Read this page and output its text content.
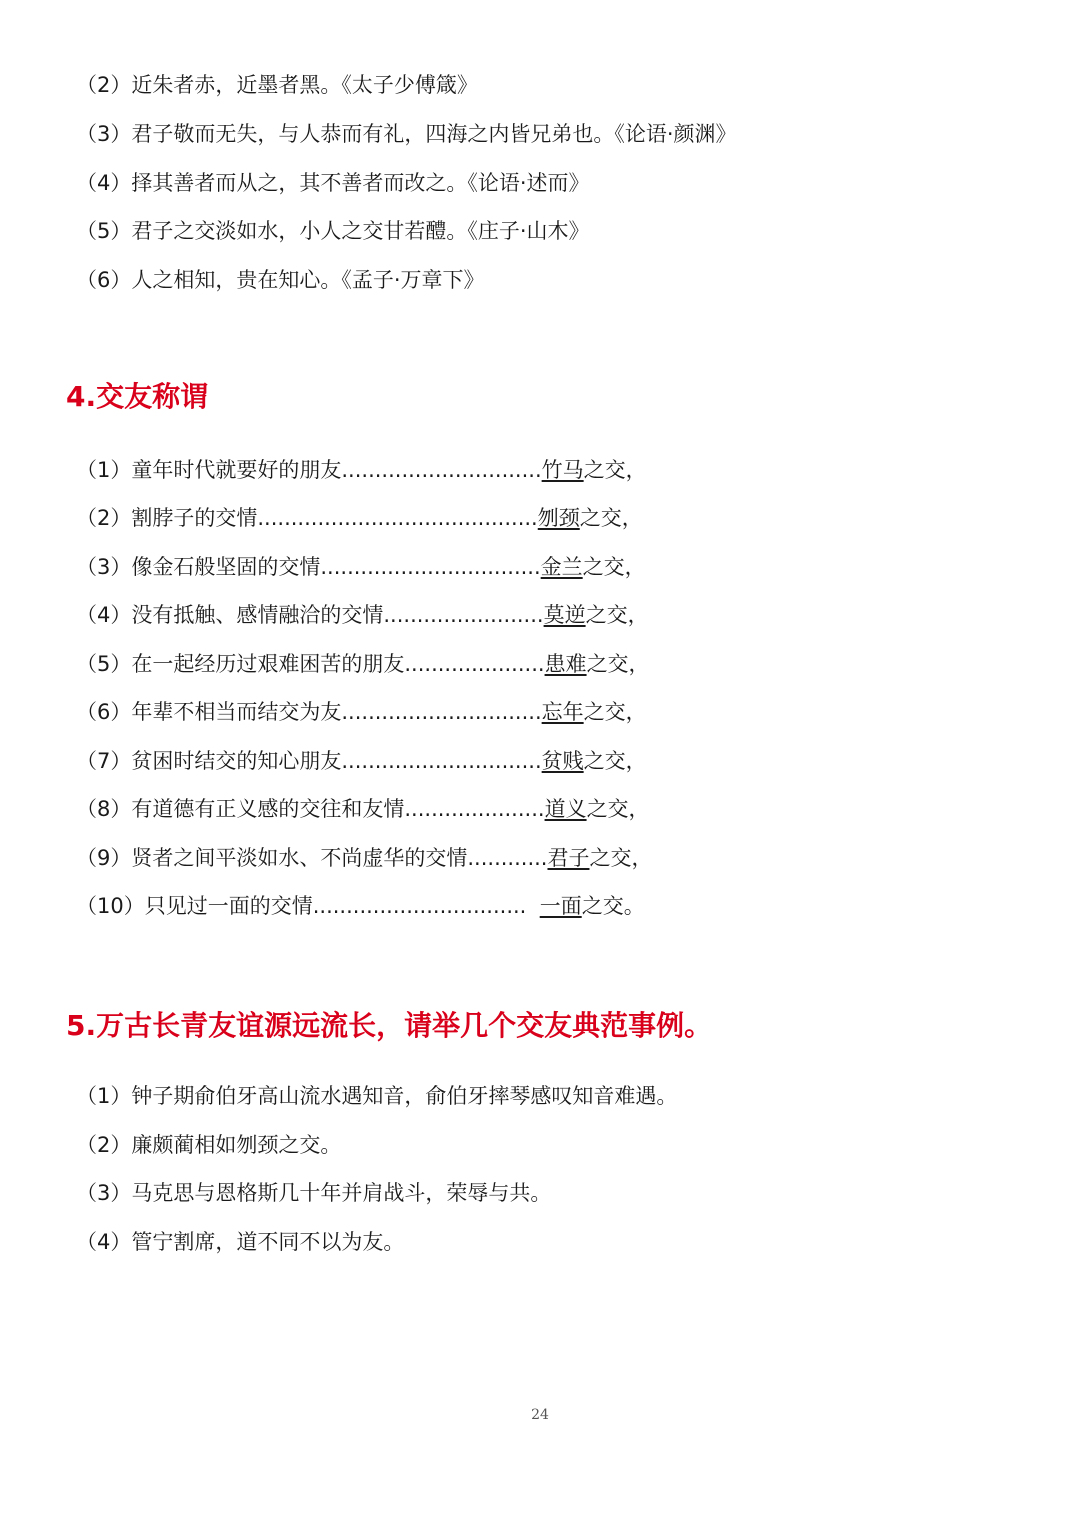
（2）近朱者赤，近墨者黑。《太子少傅箴》
（3）君子敬而无失，与人恭而有礼，四海之内皆兄弟也。《论语·颜渊》
（4）择其善者而从之，其不善者而改之。《论语·述而》
（5）君子之交淡如水，小人之交甘若醴。《庄子·山木》
（6）人之相知，贵在知心。《孟子·万章下》
4.交友称谓
（1）童年时代就要好的朋友..............................竹马之交，
（2）割脖子的交情..........................................刎颈之交，
（3）像金石般坚固的交情.................................金兰之交，
（4）没有抵触、感情融洽的交情........................莫逆之交，
（5）在一起经历过艰难困苦的朋友.....................患难之交，
（6）年辈不相当而结交为友..............................忘年之交，
（7）贫困时结交的知心朋友..............................贫贱之交，
（8）有道德有正义感的交往和友情.....................道义之交，
（9）贤者之间平淡如水、不尚虚华的交情............君子之交，
（10）只见过一面的交情................................  一面之交。
5.万古长青友谊源远流长，请举几个交友典范事例。
（1）钟子期俞伯牙高山流水遇知音，俞伯牙摔琴感叹知音难遇。
（2）廉颇蔺相如刎颈之交。
（3）马克思与恩格斯几十年并肩战斗，荣辱与共。
（4）管宁割席，道不同不以为友。
24
